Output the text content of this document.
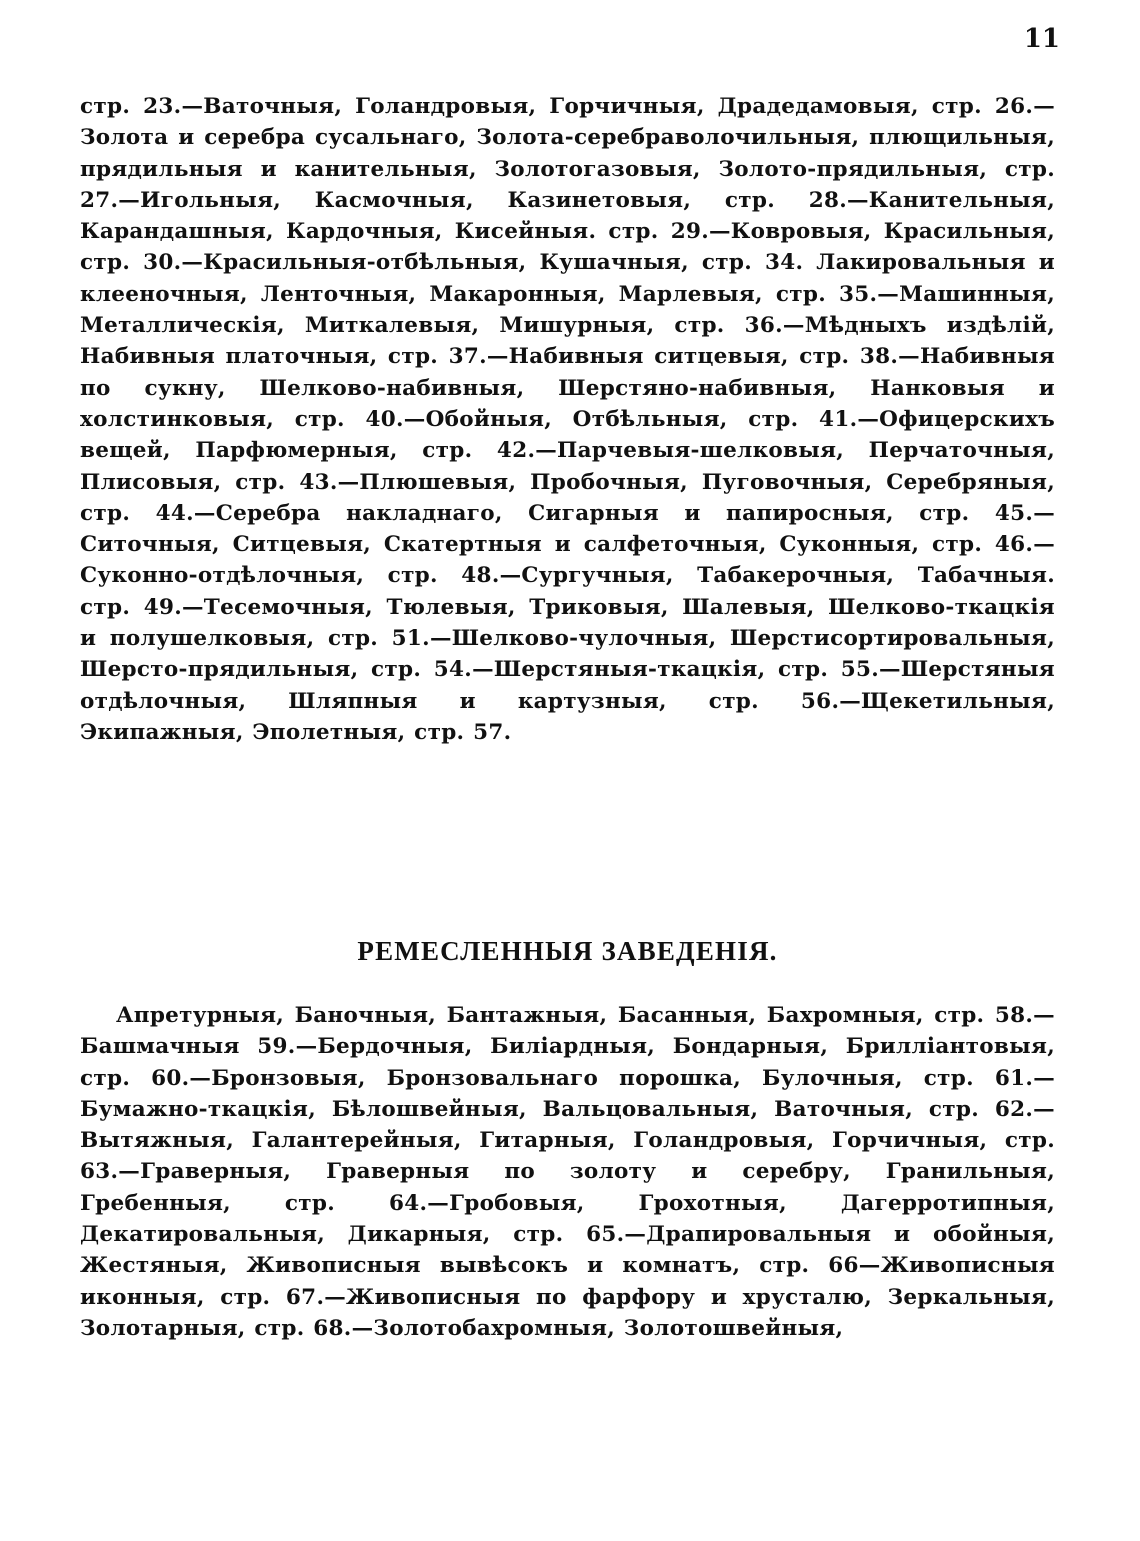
11

стр. 23.—Ваточныя, Голандровыя, Горчичныя, Драдедамовыя, стр. 26.—Золота и серебра сусальнаго, Золота-серебраволочильныя, плющильныя, прядильныя и канительныя, Золотогазовыя, Золото-прядильныя, стр. 27.—Игольныя, Касмочныя, Казинетовыя, стр. 28.—Канительныя, Карандашныя, Кардочныя, Кисейныя. стр. 29.—Ковровыя, Красильныя, стр. 30.—Красильныя-отбѣльныя, Кушачныя, стр. 34. Лакировальныя и клееночныя, Ленточныя, Макаронныя, Марлевыя, стр. 35.—Машинныя, Металлическія, Миткалевыя, Мишурныя, стр. 36.—Мѣдныхъ издѣлій, Набивныя платочныя, стр. 37.—Набивныя ситцевыя, стр. 38.—Набивныя по сукну, Шелково-набивныя, Шерстяно-набивныя, Нанковыя и холстинковыя, стр. 40.—Обойныя, Отбѣльныя, стр. 41.—Офицерскихъ вещей, Парфюмерныя, стр. 42.—Парчевыя-шелковыя, Перчаточныя, Плисовыя, стр. 43.—Плюшевыя, Пробочныя, Пуговочныя, Серебряныя, стр. 44.—Серебра накладнаго, Сигарныя и папиросныя, стр. 45.—Ситочныя, Ситцевыя, Скатертныя и салфеточныя, Суконныя, стр. 46.—Суконно-отдѣлочныя, стр. 48.—Сургучныя, Табакерочныя, Табачныя. стр. 49.—Тесемочныя, Тюлевыя, Триковыя, Шалевыя, Шелково-ткацкія и полушелковыя, стр. 51.—Шелково-чулочныя, Шерстисортировальныя, Шерсто-прядильныя, стр. 54.—Шерстяныя-ткацкія, стр. 55.—Шерстяныя отдѣлочныя, Шляпныя и картузныя, стр. 56.—Щекетильныя, Экипажныя, Эполетныя, стр. 57.

РЕМЕСЛЕННЫЯ ЗАВЕДЕНІЯ.

Апретурныя, Баночныя, Бантажныя, Басанныя, Бахромныя, стр. 58.—Башмачныя 59.—Бердочныя, Биліардныя, Бондарныя, Брилліантовыя, стр. 60.—Бронзовыя, Бронзовальнаго порошка, Булочныя, стр. 61.—Бумажно-ткацкія, Бѣлошвейныя, Вальцовальныя, Ваточныя, стр. 62.—Вытяжныя, Галантерейныя, Гитарныя, Голандровыя, Горчичныя, стр. 63.—Граверныя, Граверныя по золоту и серебру, Гранильныя, Гребенныя, стр. 64.—Гробовыя, Грохотныя, Дагерротипныя, Декатировальныя, Дикарныя, стр. 65.—Драпировальныя и обойныя, Жестяныя, Живописныя вывѣсокъ и комнатъ, стр. 66—Живописныя иконныя, стр. 67.—Живописныя по фарфору и хрусталю, Зеркальныя, Золотарныя, стр. 68.—Золотобахромныя, Золотошвейныя,
